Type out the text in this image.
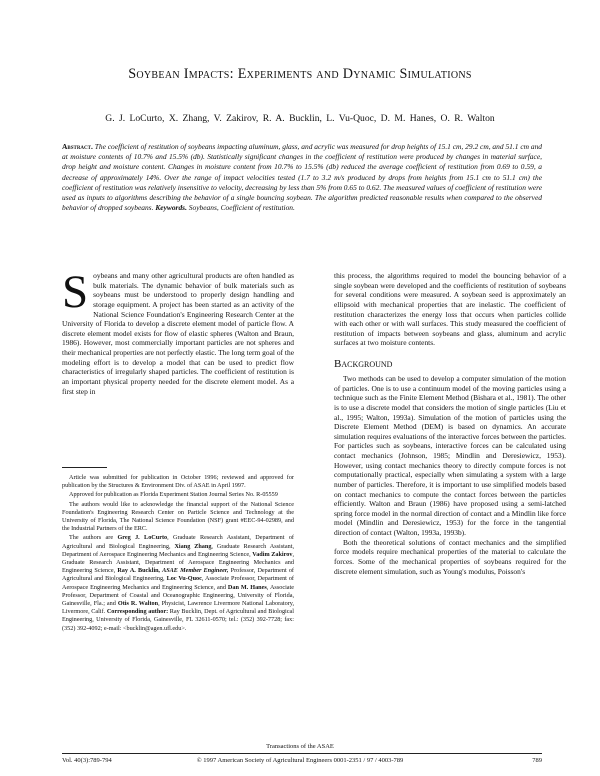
Soybean Impacts: Experiments and Dynamic Simulations
G. J. LoCurto, X. Zhang, V. Zakirov, R. A. Bucklin, L. Vu-Quoc, D. M. Hanes, O. R. Walton
Abstract. The coefficient of restitution of soybeans impacting aluminum, glass, and acrylic was measured for drop heights of 15.1 cm, 29.2 cm, and 51.1 cm and at moisture contents of 10.7% and 15.5% (db). Statistically significant changes in the coefficient of restitution were produced by changes in material surface, drop height and moisture content. Changes in moisture content from 10.7% to 15.5% (db) reduced the average coefficient of restitution from 0.69 to 0.59, a decrease of approximately 14%. Over the range of impact velocities tested (1.7 to 3.2 m/s produced by drops from heights from 15.1 cm to 51.1 cm) the coefficient of restitution was relatively insensitive to velocity, decreasing by less than 5% from 0.65 to 0.62. The measured values of coefficient of restitution were used as inputs to algorithms describing the behavior of a single bouncing soybean. The algorithm predicted reasonable results when compared to the observed behavior of dropped soybeans. Keywords. Soybeans, Coefficient of restitution.

Soybeans and many other agricultural products are often handled as bulk materials. The dynamic behavior of bulk materials such as soybeans must be understood to properly design handling and storage equipment. A project has been started as an activity of the National Science Foundation's Engineering Research Center at the University of Florida to develop a discrete element model of particle flow. A discrete element model exists for flow of elastic spheres (Walton and Braun, 1986). However, most commercially important particles are not spheres and their mechanical properties are not perfectly elastic. The long term goal of the modeling effort is to develop a model that can be used to predict flow characteristics of irregularly shaped particles. The coefficient of restitution is an important physical property needed for the discrete element model. As a first step in

Article was submitted for publication in October 1996; reviewed and approved for publication by the Structures & Environment Div. of ASAE in April 1997.

Approved for publication as Florida Experiment Station Journal Series No. R-05559

The authors would like to acknowledge the financial support of the National Science Foundation's Engineering Research Center on Particle Science and Technology at the University of Florida, The National Science Foundation (NSF) grant #EEC-94-02989, and the Industrial Partners of the ERC.

The authors are Greg J. LoCurto, Graduate Research Assistant, Department of Agricultural and Biological Engineering, Xiang Zhang, Graduate Research Assistant, Department of Aerospace Engineering Mechanics and Engineering Science, Vadim Zakirov, Graduate Research Assistant, Department of Aerospace Engineering Mechanics and Engineering Science, Ray A. Bucklin, ASAE Member Engineer, Professor, Department of Agricultural and Biological Engineering, Loc Vu-Quoc, Associate Professor, Department of Aerospace Engineering Mechanics and Engineering Science, and Dan M. Hanes, Associate Professor, Department of Coastal and Oceanographic Engineering, University of Florida, Gainesville, Fla.; and Otis R. Walton, Physicist, Lawrence Livermore National Laboratory, Livermore, Calif. Corresponding author: Ray Bucklin, Dept. of Agricultural and Biological Engineering, University of Florida, Gainesville, FL 32611-0570; tel.: (352) 392-7728; fax: (352) 392-4092; e-mail: <bucklin@agen.ufl.edu>.

this process, the algorithms required to model the bouncing behavior of a single soybean were developed and the coefficients of restitution of soybeans for several conditions were measured. A soybean seed is approximately an ellipsoid with mechanical properties that are inelastic. The coefficient of restitution characterizes the energy loss that occurs when particles collide with each other or with wall surfaces. This study measured the coefficient of restitution of impacts between soybeans and glass, aluminum and acrylic surfaces at two moisture contents.

Background

Two methods can be used to develop a computer simulation of the motion of particles. One is to use a continuum model of the moving particles using a technique such as the Finite Element Method (Bishara et al., 1981). The other is to use a discrete model that considers the motion of single particles (Liu et al., 1995; Walton, 1993a). Simulation of the motion of particles using the Discrete Element Method (DEM) is based on dynamics. An accurate simulation requires evaluations of the interactive forces between the particles. For particles such as soybeans, interactive forces can be calculated using contact mechanics (Johnson, 1985; Mindlin and Deresiewicz, 1953). However, using contact mechanics theory to directly compute forces is not computationally practical, especially when simulating a system with a large number of particles. Therefore, it is important to use simplified models based on contact mechanics to compute the contact forces between the particles efficiently. Walton and Braun (1986) have proposed using a semi-latched spring force model in the normal direction of contact and a Mindlin like force model (Mindlin and Deresiewicz, 1953) for the force in the tangential direction of contact (Walton, 1993a, 1993b).

Both the theoretical solutions of contact mechanics and the simplified force models require mechanical properties of the material to calculate the forces. Some of the mechanical properties of soybeans required for the discrete element simulation, such as Young's modulus, Poisson's

Transactions of the ASAE
Vol. 40(3):789-794	© 1997 American Society of Agricultural Engineers 0001-2351 / 97 / 4003-789	789
